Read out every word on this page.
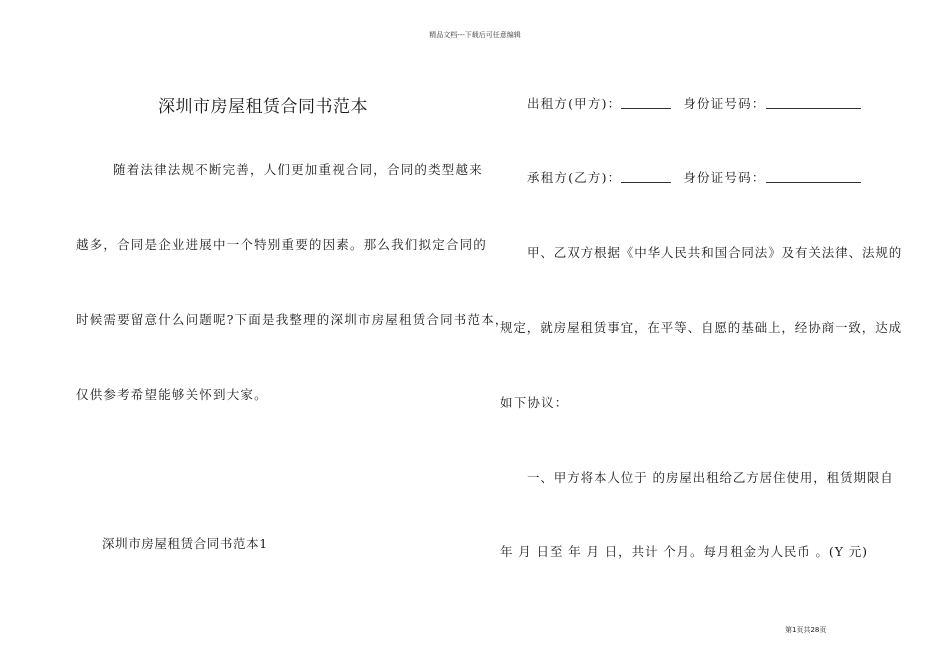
精品文档---下载后可任意编辑
深圳市房屋租赁合同书范本
随着法律法规不断完善，人们更加重视合同，合同的类型越来
越多，合同是企业进展中一个特别重要的因素。那么我们拟定合同的
时候需要留意什么问题呢?下面是我整理的深圳市房屋租赁合同书范本，
仅供参考希望能够关怀到大家。
深圳市房屋租赁合同书范本1
出租方(甲方)：	身份证号码：
承租方(乙方)：	身份证号码：
甲、乙双方根据《中华人民共和国合同法》及有关法律、法规的
规定，就房屋租赁事宜，在平等、自愿的基础上，经协商一致，达成
如下协议：
一、甲方将本人位于 的房屋出租给乙方居住使用，租赁期限自
年 月 日至 年 月 日，共计 个月。每月租金为人民币 。(Y 元)
第1页共28页
